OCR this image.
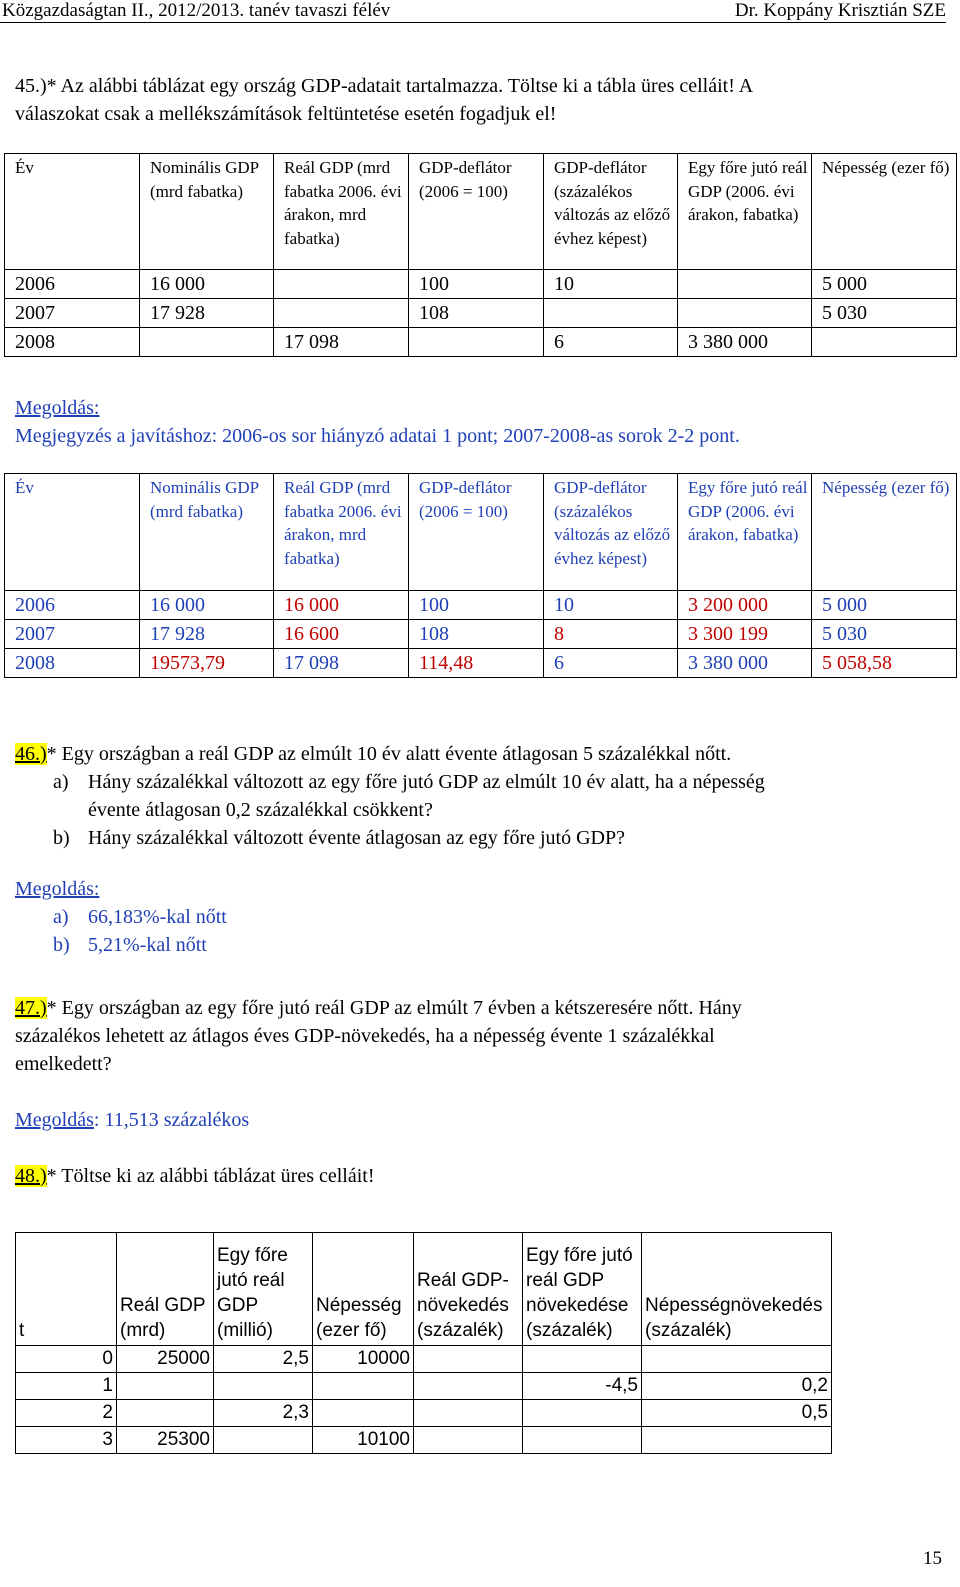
Közgazdaságtan II., 2012/2013. tanév tavaszi félév	Dr. Koppány Krisztián SZE
45.)* Az alábbi táblázat egy ország GDP-adatait tartalmazza. Töltse ki a tábla üres celláit! A
válaszokat csak a mellékszámítások feltüntetése esetén fogadjuk el!
Év	Nominális GDP (mrd fabatka)	Reál GDP (mrd fabatka 2006. évi árakon, mrd fabatka)	GDP-deflátor (2006 = 100)	GDP-deflátor (százalékos változás az előző évhez képest)	Egy főre jutó reál GDP (2006. évi árakon, fabatka)	Népesség (ezer fő)
2006	16 000		100	10		5 000
2007	17 928		108			5 030
2008		17 098		6	3 380 000	
Megoldás:
Megjegyzés a javításhoz: 2006-os sor hiányzó adatai 1 pont; 2007-2008-as sorok 2-2 pont.
Év	Nominális GDP (mrd fabatka)	Reál GDP (mrd fabatka 2006. évi árakon, mrd fabatka)	GDP-deflátor (2006 = 100)	GDP-deflátor (százalékos változás az előző évhez képest)	Egy főre jutó reál GDP (2006. évi árakon, fabatka)	Népesség (ezer fő)
2006	16 000	16 000	100	10	3 200 000	5 000
2007	17 928	16 600	108	8	3 300 199	5 030
2008	19573,79	17 098	114,48	6	3 380 000	5 058,58
46.)* Egy országban a reál GDP az elmúlt 10 év alatt évente átlagosan 5 százalékkal nőtt.
a) Hány százalékkal változott az egy főre jutó GDP az elmúlt 10 év alatt, ha a népesség
évente átlagosan 0,2 százalékkal csökkent?
b) Hány százalékkal változott évente átlagosan az egy főre jutó GDP?
Megoldás:
a) 66,183%-kal nőtt
b) 5,21%-kal nőtt
47.)* Egy országban az egy főre jutó reál GDP az elmúlt 7 évben a kétszeresére nőtt. Hány
százalékos lehetett az átlagos éves GDP-növekedés, ha a népesség évente 1 százalékkal
emelkedett?
Megoldás: 11,513 százalékos
48.)* Töltse ki az alábbi táblázat üres celláit!
t	Reál GDP (mrd)	Egy főre jutó reál GDP (millió)	Népesség (ezer fő)	Reál GDP-növekedés (százalék)	Egy főre jutó reál GDP növekedése (százalék)	Népességnövekedés (százalék)
0	25000	2,5	10000			
1					-4,5	0,2
2		2,3				0,5
3	25300		10100			
15
